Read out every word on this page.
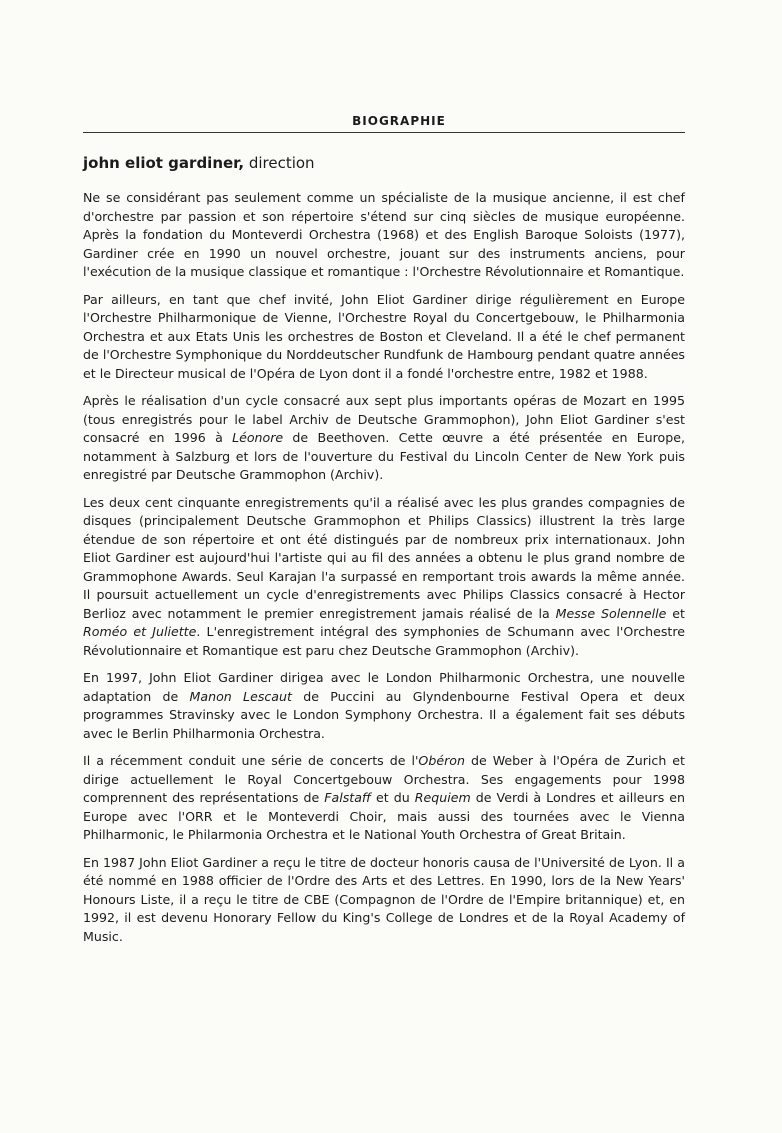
BIOGRAPHIE
john eliot gardiner, direction

Ne se considérant pas seulement comme un spécialiste de la musique ancienne, il est chef d'orchestre par passion et son répertoire s'étend sur cinq siècles de musique européenne. Après la fondation du Monteverdi Orchestra (1968) et des English Baroque Soloists (1977), Gardiner crée en 1990 un nouvel orchestre, jouant sur des instruments anciens, pour l'exécution de la musique classique et romantique : l'Orchestre Révolutionnaire et Romantique.

Par ailleurs, en tant que chef invité, John Eliot Gardiner dirige régulièrement en Europe l'Orchestre Philharmonique de Vienne, l'Orchestre Royal du Concertgebouw, le Philharmonia Orchestra et aux Etats Unis les orchestres de Boston et Cleveland. Il a été le chef permanent de l'Orchestre Symphonique du Norddeutscher Rundfunk de Hambourg pendant quatre années et le Directeur musical de l'Opéra de Lyon dont il a fondé l'orchestre entre, 1982 et 1988.

Après le réalisation d'un cycle consacré aux sept plus importants opéras de Mozart en 1995 (tous enregistrés pour le label Archiv de Deutsche Grammophon), John Eliot Gardiner s'est consacré en 1996 à Léonore de Beethoven. Cette œuvre a été présentée en Europe, notamment à Salzburg et lors de l'ouverture du Festival du Lincoln Center de New York puis enregistré par Deutsche Grammophon (Archiv).

Les deux cent cinquante enregistrements qu'il a réalisé avec les plus grandes compagnies de disques (principalement Deutsche Grammophon et Philips Classics) illustrent la très large étendue de son répertoire et ont été distingués par de nombreux prix internationaux. John Eliot Gardiner est aujourd'hui l'artiste qui au fil des années a obtenu le plus grand nombre de Grammophone Awards. Seul Karajan l'a surpassé en remportant trois awards la même année. Il poursuit actuellement un cycle d'enregistrements avec Philips Classics consacré à Hector Berlioz avec notamment le premier enregistrement jamais réalisé de la Messe Solennelle et Roméo et Juliette. L'enregistrement intégral des symphonies de Schumann avec l'Orchestre Révolutionnaire et Romantique est paru chez Deutsche Grammophon (Archiv).

En 1997, John Eliot Gardiner dirigea avec le London Philharmonic Orchestra, une nouvelle adaptation de Manon Lescaut de Puccini au Glyndenbourne Festival Opera et deux programmes Stravinsky avec le London Symphony Orchestra. Il a également fait ses débuts avec le Berlin Philharmonia Orchestra.

Il a récemment conduit une série de concerts de l'Obéron de Weber à l'Opéra de Zurich et dirige actuellement le Royal Concertgebouw Orchestra. Ses engagements pour 1998 comprennent des représentations de Falstaff et du Requiem de Verdi à Londres et ailleurs en Europe avec l'ORR et le Monteverdi Choir, mais aussi des tournées avec le Vienna Philharmonic, le Philarmonia Orchestra et le National Youth Orchestra of Great Britain.

En 1987 John Eliot Gardiner a reçu le titre de docteur honoris causa de l'Université de Lyon. Il a été nommé en 1988 officier de l'Ordre des Arts et des Lettres. En 1990, lors de la New Years' Honours Liste, il a reçu le titre de CBE (Compagnon de l'Ordre de l'Empire britannique) et, en 1992, il est devenu Honorary Fellow du King's College de Londres et de la Royal Academy of Music.
